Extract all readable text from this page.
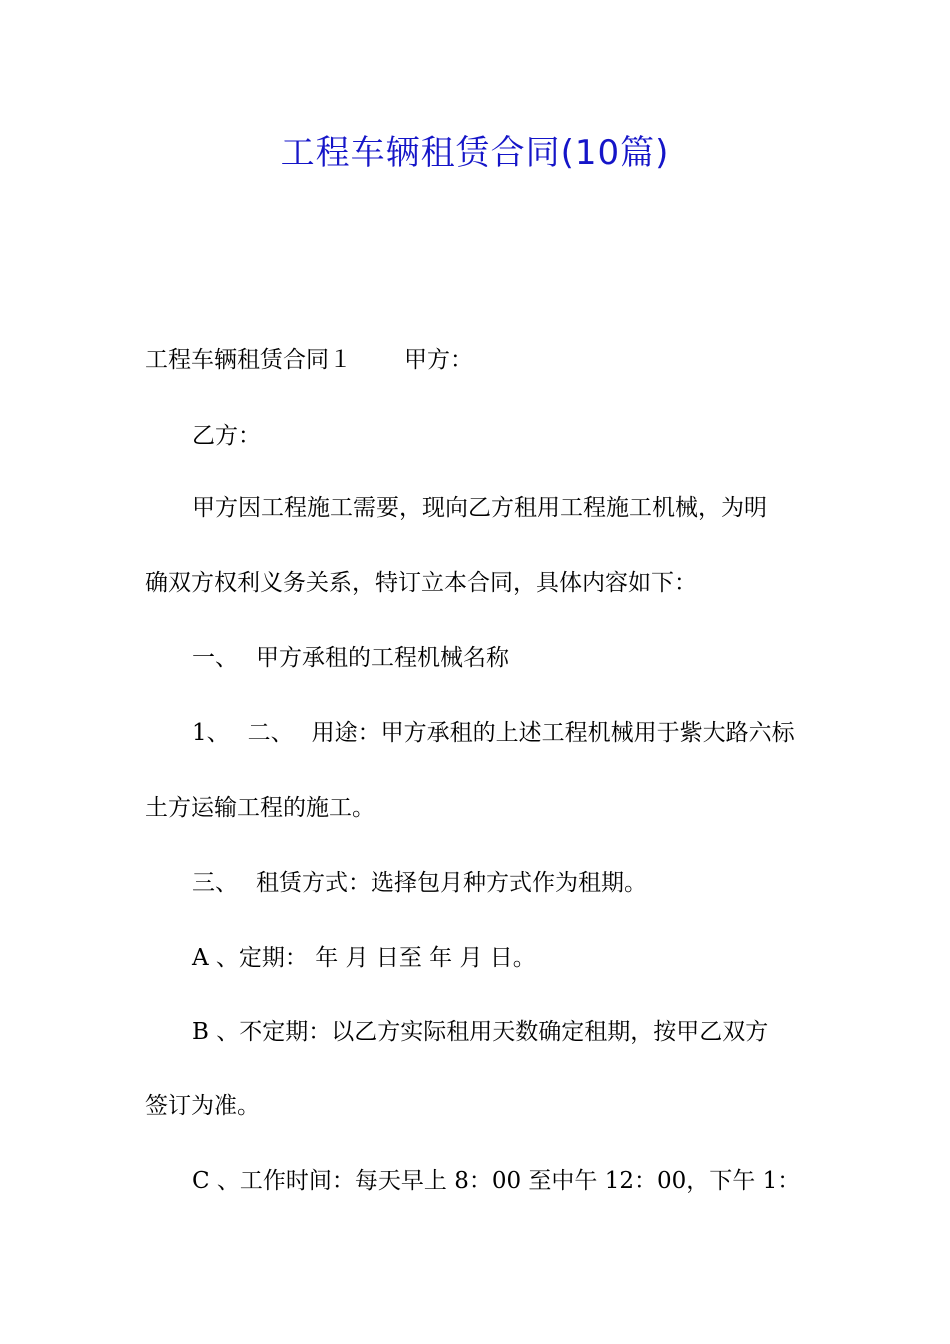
工程车辆租赁合同(10篇)

工程车辆租赁合同１ 甲方：

乙方：

甲方因工程施工需要，现向乙方租用工程施工机械，为明

确双方权利义务关系，特订立本合同，具体内容如下：

一、 甲方承租的工程机械名称

1、 二、 用途：甲方承租的上述工程机械用于紫大路六标

土方运输工程的施工。

三、 租赁方式：选择包月种方式作为租期。

A 、定期： 年 月 日至 年 月 日。

B 、不定期：以乙方实际租用天数确定租期，按甲乙双方

签订为准。

C 、工作时间：每天早上 8：00 至中午 12：00，下午 1：
